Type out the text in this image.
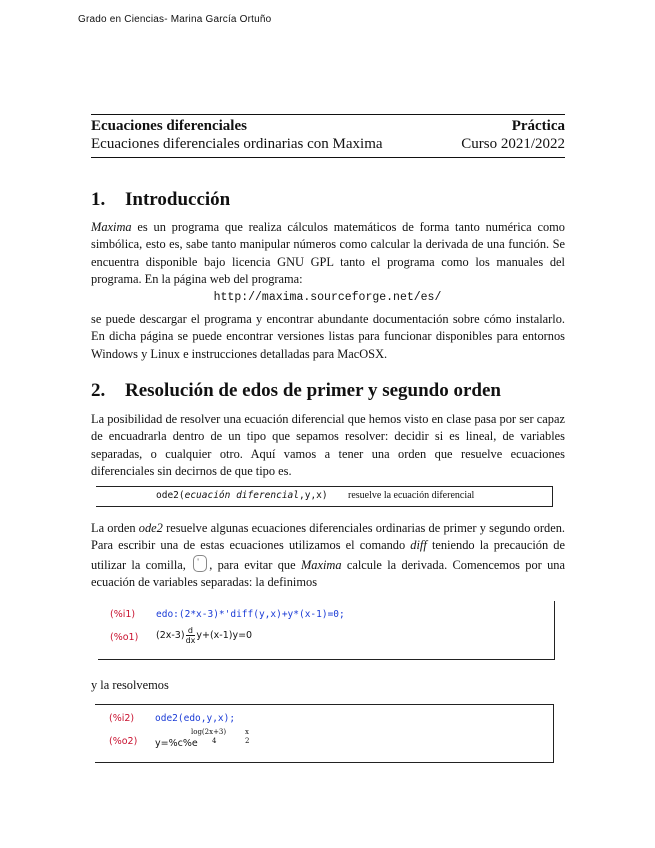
Grado en Ciencias- Marina García Ortuño
Ecuaciones diferenciales	Práctica
Ecuaciones diferenciales ordinarias con Maxima	Curso 2021/2022
1. Introducción

Maxima es un programa que realiza cálculos matemáticos de forma tanto numérica como simbólica, esto es, sabe tanto manipular números como calcular la derivada de una función. Se encuentra disponible bajo licencia GNU GPL tanto el programa como los manuales del programa. En la página web del programa:

http://maxima.sourceforge.net/es/

se puede descargar el programa y encontrar abundante documentación sobre cómo instalarlo. En dicha página se puede encontrar versiones listas para funcionar disponibles para entornos Windows y Linux e instrucciones detalladas para MacOSX.

2. Resolución de edos de primer y segundo orden

La posibilidad de resolver una ecuación diferencial que hemos visto en clase pasa por ser capaz de encuadrarla dentro de un tipo que sepamos resolver: decidir si es lineal, de variables separadas, o cualquier otro. Aquí vamos a tener una orden que resuelve ecuaciones diferenciales sin decirnos de que tipo es.

ode2(ecuación diferencial,y,x) resuelve la ecuación diferencial

La orden ode2 resuelve algunas ecuaciones diferenciales ordinarias de primer y segundo orden. Para escribir una de estas ecuaciones utilizamos el comando diff teniendo la precaución de utilizar la comilla, ' , para evitar que Maxima calcule la derivada. Comencemos por una ecuación de variables separadas: la definimos

(%i1) edo:(2*x-3)*'diff(y,x)+y*(x-1)=0;
(%o1) $(2x-3) \frac{d}{dx} y+(x-1)y=0$

y la resolvemos

(%i2) ode2(edo,y,x);
(%o2) y=%c%e
log(2x+3)
4
x
2
